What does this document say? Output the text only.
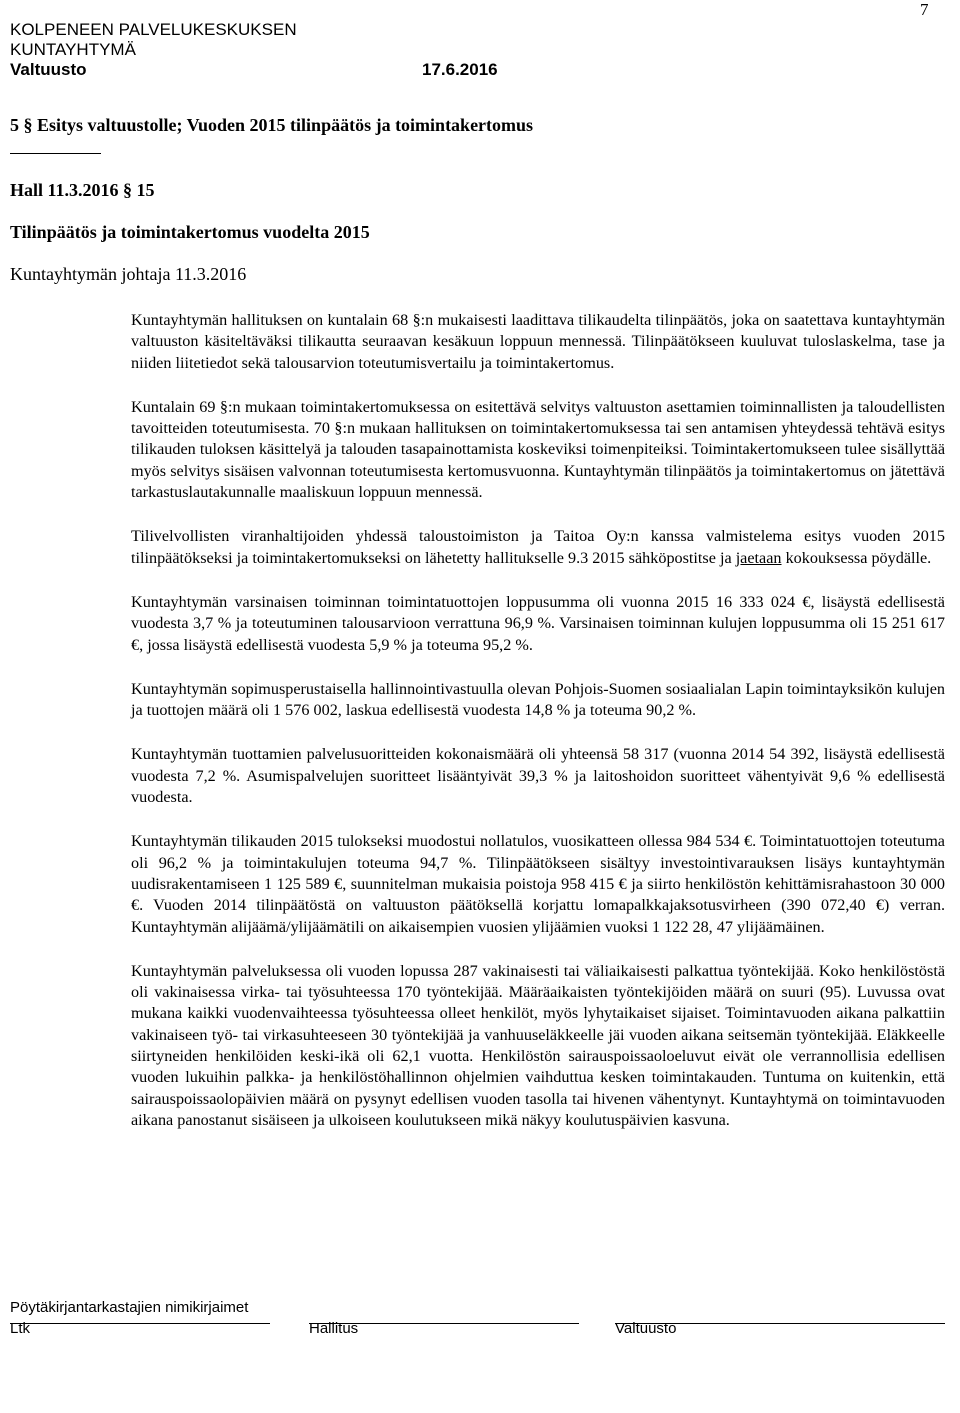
7
KOLPENEEN PALVELUKESKUKSEN
KUNTAYHTYMÄ
Valtuusto	17.6.2016
5 § Esitys valtuustolle; Vuoden 2015 tilinpäätös ja toimintakertomus
Hall 11.3.2016 § 15
Tilinpäätös ja toimintakertomus vuodelta 2015
Kuntayhtymän johtaja 11.3.2016

Kuntayhtymän hallituksen on kuntalain 68 §:n mukaisesti laadittava tilikaudelta tilinpäätös, joka on saatettava kuntayhtymän valtuuston käsiteltäväksi tilikautta seuraavan kesäkuun loppuun mennessä. Tilinpäätökseen kuuluvat tuloslaskelma, tase ja niiden liitetiedot sekä talousarvion toteutumisvertailu ja toimintakertomus.

Kuntalain 69 §:n mukaan toimintakertomuksessa on esitettävä selvitys valtuuston asettamien toiminnallisten ja taloudellisten tavoitteiden toteutumisesta. 70 §:n mukaan hallituksen on toimintakertomuksessa tai sen antamisen yhteydessä tehtävä esitys tilikauden tuloksen käsittelyä ja talouden tasapainottamista koskeviksi toimenpiteiksi. Toimintakertomukseen tulee sisällyttää myös selvitys sisäisen valvonnan toteutumisesta kertomusvuonna. Kuntayhtymän tilinpäätös ja toimintakertomus on jätettävä tarkastuslautakunnalle maaliskuun loppuun mennessä.

Tilivelvollisten viranhaltijoiden yhdessä taloustoimiston ja Taitoa Oy:n kanssa valmistelema esitys vuoden 2015 tilinpäätökseksi ja toimintakertomukseksi on lähetetty hallitukselle 9.3 2015 sähköpostitse ja jaetaan kokouksessa pöydälle.

Kuntayhtymän varsinaisen toiminnan toimintatuottojen loppusumma oli vuonna 2015 16 333 024 €, lisäystä edellisestä vuodesta 3,7 % ja toteutuminen talousarvioon verrattuna 96,9 %. Varsinaisen toiminnan kulujen loppusumma oli 15 251 617 €, jossa lisäystä edellisestä vuodesta 5,9 % ja toteuma 95,2 %.

Kuntayhtymän sopimusperustaisella hallinnointivastuulla olevan Pohjois-Suomen sosiaalialan Lapin toimintayksikön kulujen ja tuottojen määrä oli 1 576 002, laskua edellisestä vuodesta 14,8 % ja toteuma 90,2 %.

Kuntayhtymän tuottamien palvelusuoritteiden kokonaismäärä oli yhteensä 58 317 (vuonna 2014 54 392, lisäystä edellisestä vuodesta 7,2 %. Asumispalvelujen suoritteet lisääntyivät 39,3 % ja laitoshoidon suoritteet vähentyivät 9,6 % edellisestä vuodesta.

Kuntayhtymän tilikauden 2015 tulokseksi muodostui nollatulos, vuosikatteen ollessa 984 534 €. Toimintatuottojen toteutuma oli 96,2 % ja toimintakulujen toteuma 94,7 %. Tilinpäätökseen sisältyy investointivarauksen lisäys kuntayhtymän uudisrakentamiseen 1 125 589 €, suunnitelman mukaisia poistoja 958 415 € ja siirto henkilöstön kehittämisrahastoon 30 000 €. Vuoden 2014 tilinpäätöstä on valtuuston päätöksellä korjattu lomapalkkajaksotusvirheen (390 072,40 €) verran. Kuntayhtymän alijäämä/ylijäämätili on aikaisempien vuosien ylijäämien vuoksi 1 122 28, 47 ylijäämäinen.

Kuntayhtymän palveluksessa oli vuoden lopussa 287 vakinaisesti tai väliaikaisesti palkattua työntekijää. Koko henkilöstöstä oli vakinaisessa virka- tai työsuhteessa 170 työntekijää. Määräaikaisten työntekijöiden määrä on suuri (95). Luvussa ovat mukana kaikki vuodenvaihteessa työsuhteessa olleet henkilöt, myös lyhytaikaiset sijaiset. Toimintavuoden aikana palkattiin vakinaiseen työ- tai virkasuhteeseen 30 työntekijää ja vanhuuseläkkeelle jäi vuoden aikana seitsemän työntekijää. Eläkkeelle siirtyneiden henkilöiden keski-ikä oli 62,1 vuotta. Henkilöstön sairauspoissaoloeluvut eivät ole verrannollisia edellisen vuoden lukuihin palkka- ja henkilöstöhallinnon ohjelmien vaihduttua kesken toimintakauden. Tuntuma on kuitenkin, että sairauspoissaolopäivien määrä on pysynyt edellisen vuoden tasolla tai hivenen vähentynyt. Kuntayhtymä on toimintavuoden aikana panostanut sisäiseen ja ulkoiseen koulutukseen mikä näkyy koulutuspäivien kasvuna.

Pöytäkirjantarkastajien nimikirjaimet
Ltk	Hallitus	Valtuusto
